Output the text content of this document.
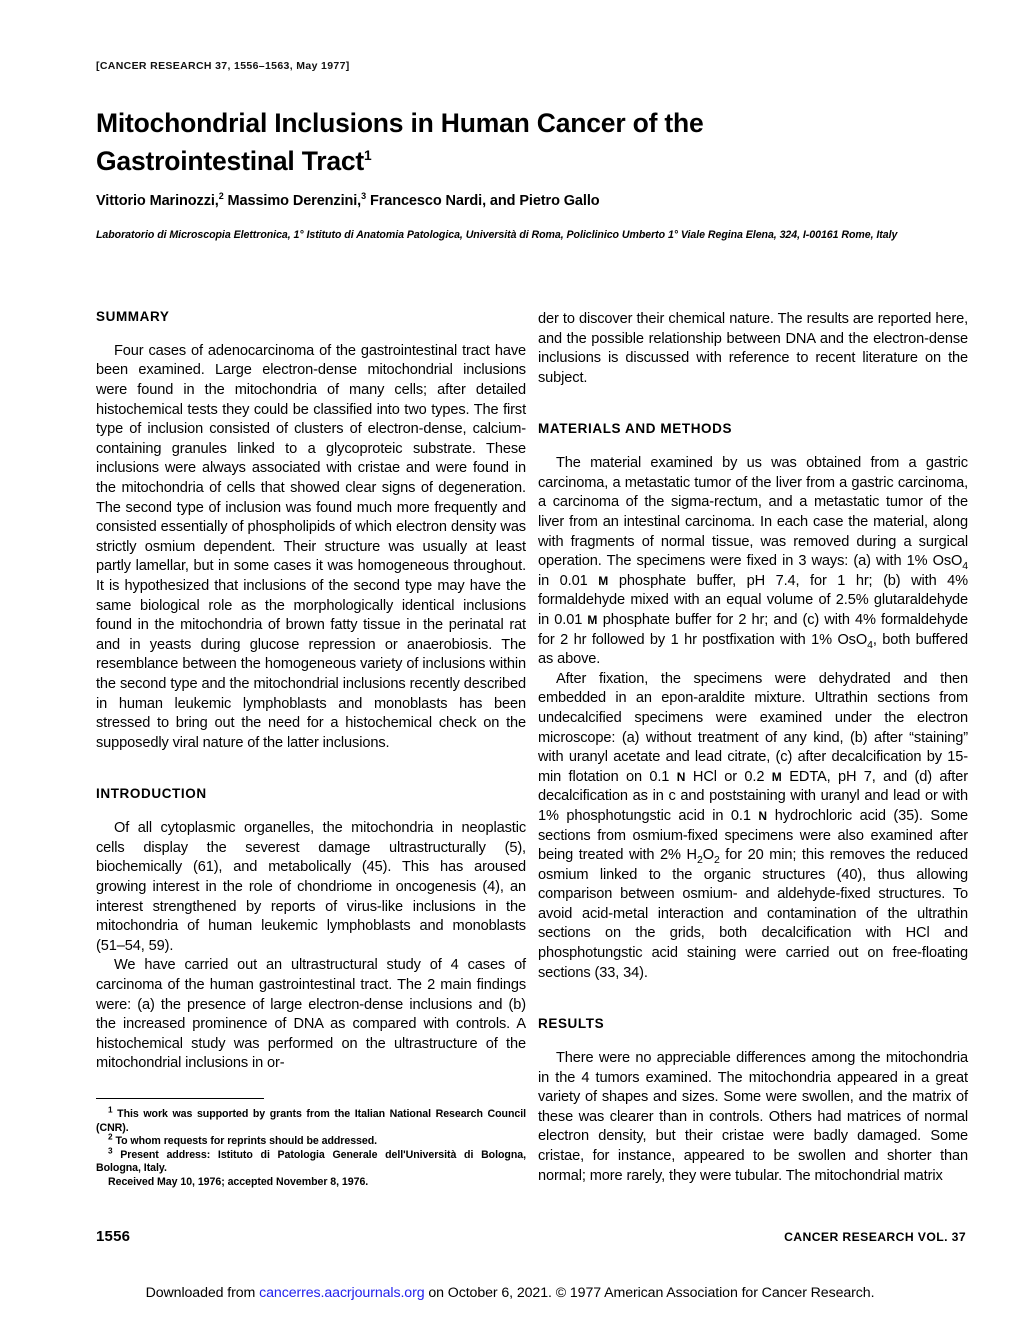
[CANCER RESEARCH 37, 1556–1563, May 1977]
Mitochondrial Inclusions in Human Cancer of the
Gastrointestinal Tract$^1$
Vittorio Marinozzi,$^2$ Massimo Derenzini,$^3$ Francesco Nardi, and Pietro Gallo
Laboratorio di Microscopia Elettronica, 1° Istituto di Anatomia Patologica, Università di Roma, Policlinico Umberto 1° Viale Regina Elena, 324, I-00161 Rome, Italy
SUMMARY

Four cases of adenocarcinoma of the gastrointestinal tract have been examined. Large electron-dense mitochondrial inclusions were found in the mitochondria of many cells; after detailed histochemical tests they could be classified into two types. The first type of inclusion consisted of clusters of electron-dense, calcium-containing granules linked to a glycoproteic substrate. These inclusions were always associated with cristae and were found in the mitochondria of cells that showed clear signs of degeneration. The second type of inclusion was found much more frequently and consisted essentially of phospholipids of which electron density was strictly osmium dependent. Their structure was usually at least partly lamellar, but in some cases it was homogeneous throughout. It is hypothesized that inclusions of the second type may have the same biological role as the morphologically identical inclusions found in the mitochondria of brown fatty tissue in the perinatal rat and in yeasts during glucose repression or anaerobiosis. The resemblance between the homogeneous variety of inclusions within the second type and the mitochondrial inclusions recently described in human leukemic lymphoblasts and monoblasts has been stressed to bring out the need for a histochemical check on the supposedly viral nature of the latter inclusions.

INTRODUCTION

Of all cytoplasmic organelles, the mitochondria in neoplastic cells display the severest damage ultrastructurally (5), biochemically (61), and metabolically (45). This has aroused growing interest in the role of chondriome in oncogenesis (4), an interest strengthened by reports of virus-like inclusions in the mitochondria of human leukemic lymphoblasts and monoblasts (51–54, 59).

We have carried out an ultrastructural study of 4 cases of carcinoma of the human gastrointestinal tract. The 2 main findings were: (a) the presence of large electron-dense inclusions and (b) the increased prominence of DNA as compared with controls. A histochemical study was performed on the ultrastructure of the mitochondrial inclusions in or-

$^1$ This work was supported by grants from the Italian National Research Council (CNR).

$^2$ To whom requests for reprints should be addressed.

$^3$ Present address: Istituto di Patologia Generale dell'Università di Bologna, Bologna, Italy.

Received May 10, 1976; accepted November 8, 1976.

der to discover their chemical nature. The results are reported here, and the possible relationship between DNA and the electron-dense inclusions is discussed with reference to recent literature on the subject.

MATERIALS AND METHODS

The material examined by us was obtained from a gastric carcinoma, a metastatic tumor of the liver from a gastric carcinoma, a carcinoma of the sigma-rectum, and a metastatic tumor of the liver from an intestinal carcinoma. In each case the material, along with fragments of normal tissue, was removed during a surgical operation. The specimens were fixed in 3 ways: (a) with 1% OsO$_4$ in 0.01 M phosphate buffer, pH 7.4, for 1 hr; (b) with 4% formaldehyde mixed with an equal volume of 2.5% glutaraldehyde in 0.01 M phosphate buffer for 2 hr; and (c) with 4% formaldehyde for 2 hr followed by 1 hr postfixation with 1% OsO$_4$, both buffered as above.

After fixation, the specimens were dehydrated and then embedded in an epon-araldite mixture. Ultrathin sections from undecalcified specimens were examined under the electron microscope: (a) without treatment of any kind, (b) after “staining” with uranyl acetate and lead citrate, (c) after decalcification by 15-min flotation on 0.1 N HCl or 0.2 M EDTA, pH 7, and (d) after decalcification as in c and poststaining with uranyl and lead or with 1% phosphotungstic acid in 0.1 N hydrochloric acid (35). Some sections from osmium-fixed specimens were also examined after being treated with 2% $H_2O_2$ for 20 min; this removes the reduced osmium linked to the organic structures (40), thus allowing comparison between osmium- and aldehyde-fixed structures. To avoid acid-metal interaction and contamination of the ultrathin sections on the grids, both decalcification with HCl and phosphotungstic acid staining were carried out on free-floating sections (33, 34).

RESULTS

There were no appreciable differences among the mitochondria in the 4 tumors examined. The mitochondria appeared in a great variety of shapes and sizes. Some were swollen, and the matrix of these was clearer than in controls. Others had matrices of normal electron density, but their cristae were badly damaged. Some cristae, for instance, appeared to be swollen and shorter than normal; more rarely, they were tubular. The mitochondrial matrix

1556	CANCER RESEARCH VOL. 37
Downloaded from cancerres.aacrjournals.org on October 6, 2021. © 1977 American Association for Cancer Research.
